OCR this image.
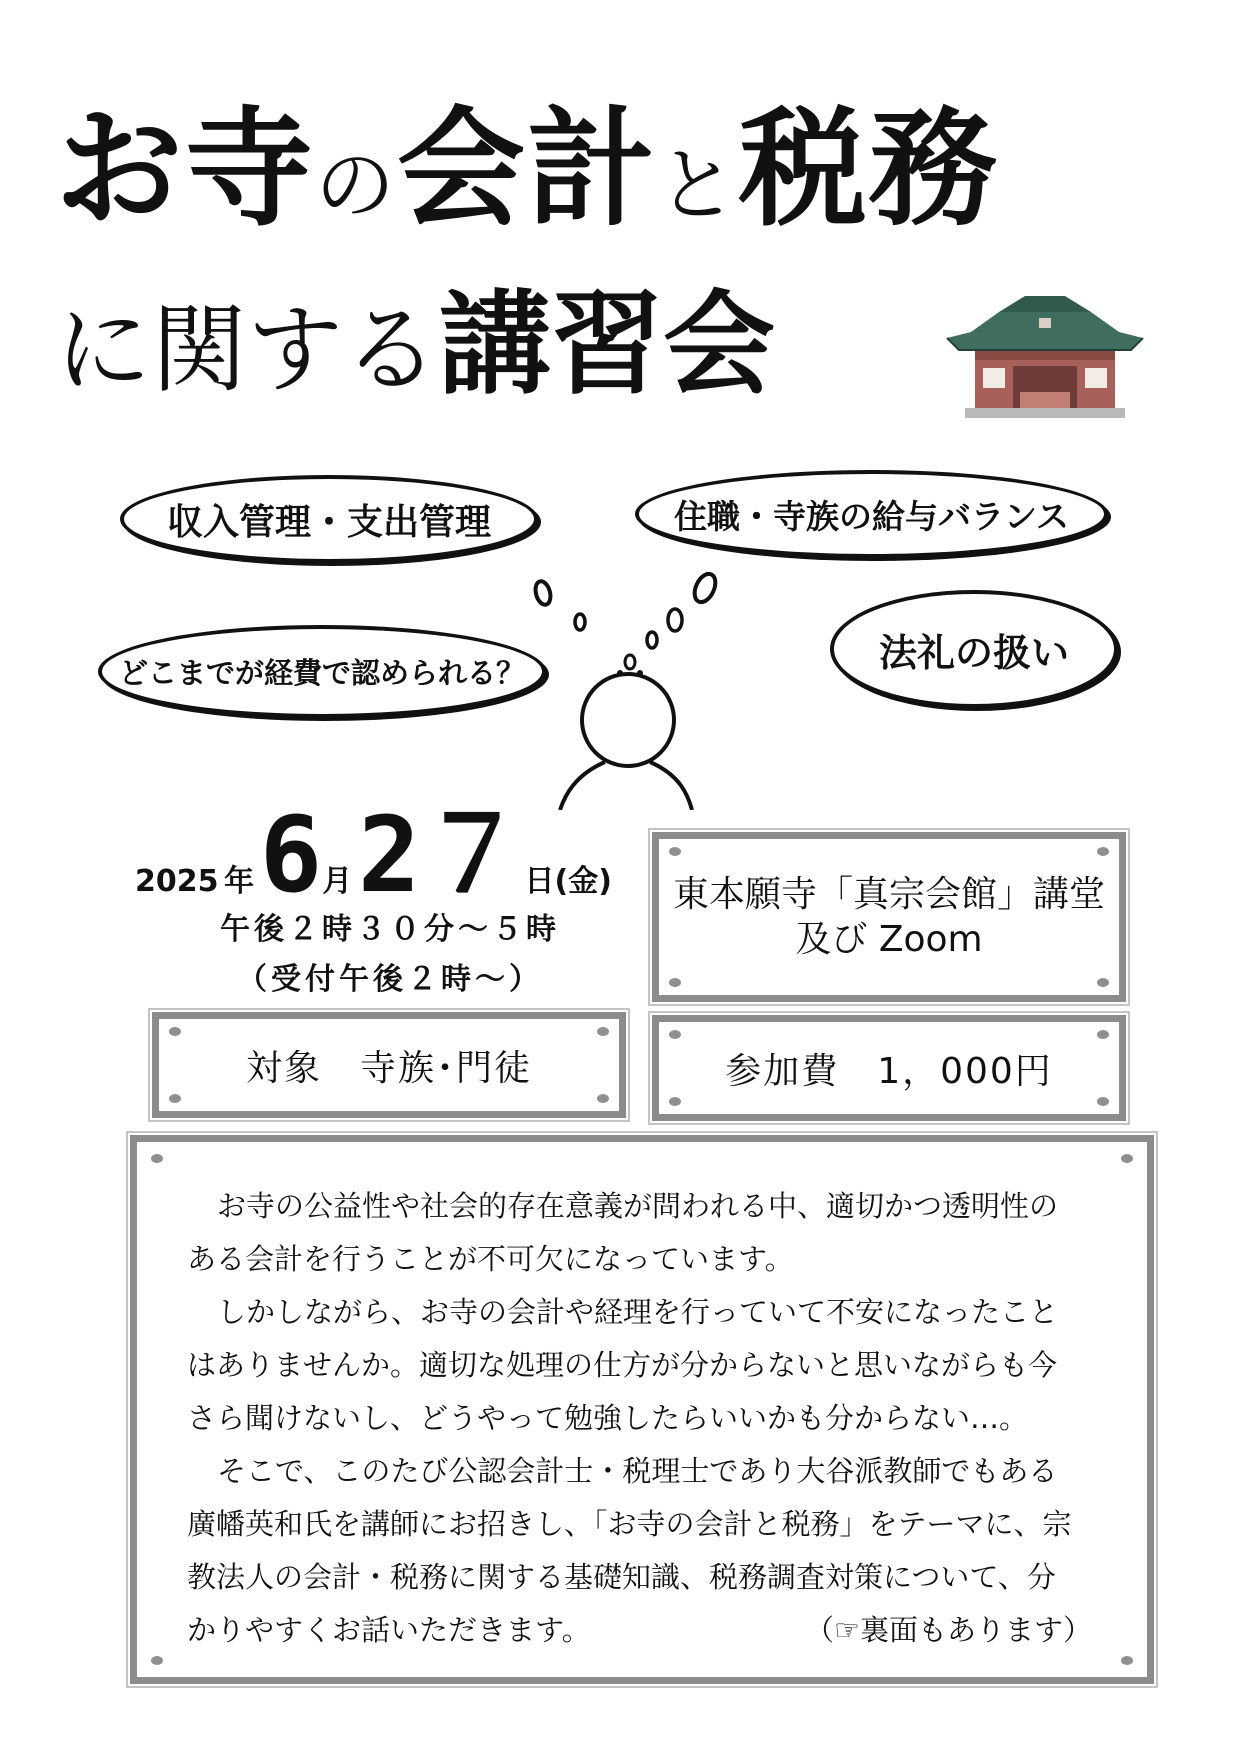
お寺の会計と税務
に関する講習会
収入管理・支出管理	住職・寺族の給与バランス
どこまでが経費で認められる？	法礼の扱い
2025 年 6月 2７日(金)
午後２時３０分～５時
（受付午後２時～）
東本願寺「真宗会館」講堂
及び Zoom
対象　寺族･門徒	参加費　1，000円

お寺の公益性や社会的存在意義が問われる中、適切かつ透明性の

ある会計を行うことが不可欠になっています。

しかしながら、お寺の会計や経理を行っていて不安になったこと

はありませんか。適切な処理の仕方が分からないと思いながらも今

さら聞けないし、どうやって勉強したらいいかも分からない…。

そこで、このたび公認会計士・税理士であり大谷派教師でもある

廣幡英和氏を講師にお招きし、「お寺の会計と税務」をテーマに、宗

教法人の会計・税務に関する基礎知識、税務調査対策について、分

かりやすくお話いただきます。	（☞裏面もあります）
